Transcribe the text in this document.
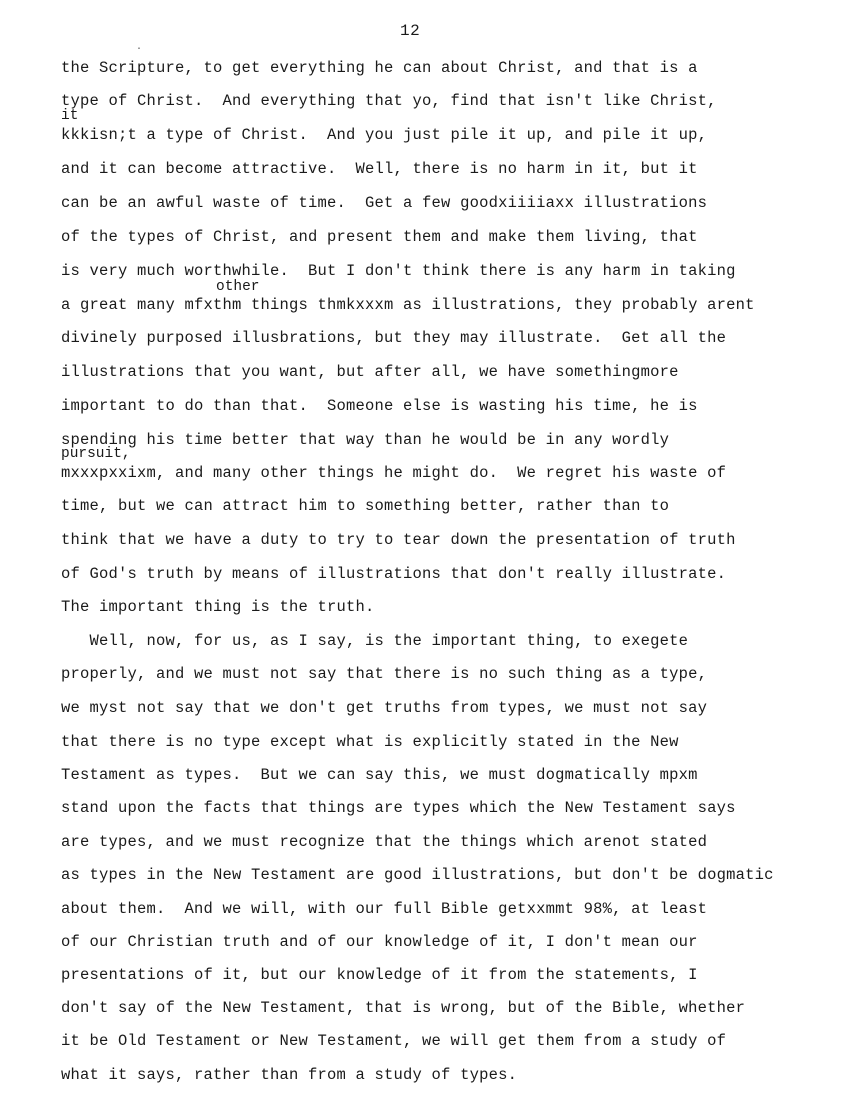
12
.
it
other
pursuit,
the Scripture, to get everything he can about Christ, and that is a
type of Christ.  And everything that yo, find that isn't like Christ,
kkkisn;t a type of Christ.  And you just pile it up, and pile it up,
and it can become attractive.  Well, there is no harm in it, but it
can be an awful waste of time.  Get a few goodxiiiiaxx illustrations
of the types of Christ, and present them and make them living, that
is very much worthwhile.  But I don't think there is any harm in taking
a great many mfxthm things thmkxxxm as illustrations, they probably arent
divinely purposed illusbrations, but they may illustrate.  Get all the
illustrations that you want, but after all, we have somethingmore
important to do than that.  Someone else is wasting his time, he is
spending his time better that way than he would be in any wordly
mxxxpxxixm, and many other things he might do.  We regret his waste of
time, but we can attract him to something better, rather than to
think that we have a duty to try to tear down the presentation of truth
of God's truth by means of illustrations that don't really illustrate.
The important thing is the truth.
Well, now, for us, as I say, is the important thing, to exegete
properly, and we must not say that there is no such thing as a type,
we myst not say that we don't get truths from types, we must not say
that there is no type except what is explicitly stated in the New
Testament as types.  But we can say this, we must dogmatically mpxm
stand upon the facts that things are types which the New Testament says
are types, and we must recognize that the things which arenot stated
as types in the New Testament are good illustrations, but don't be dogmatic
about them.  And we will, with our full Bible getxxmmt 98%, at least
of our Christian truth and of our knowledge of it, I don't mean our
presentations of it, but our knowledge of it from the statements, I
don't say of the New Testament, that is wrong, but of the Bible, whether
it be Old Testament or New Testament, we will get them from a study of
what it says, rather than from a study of types.
